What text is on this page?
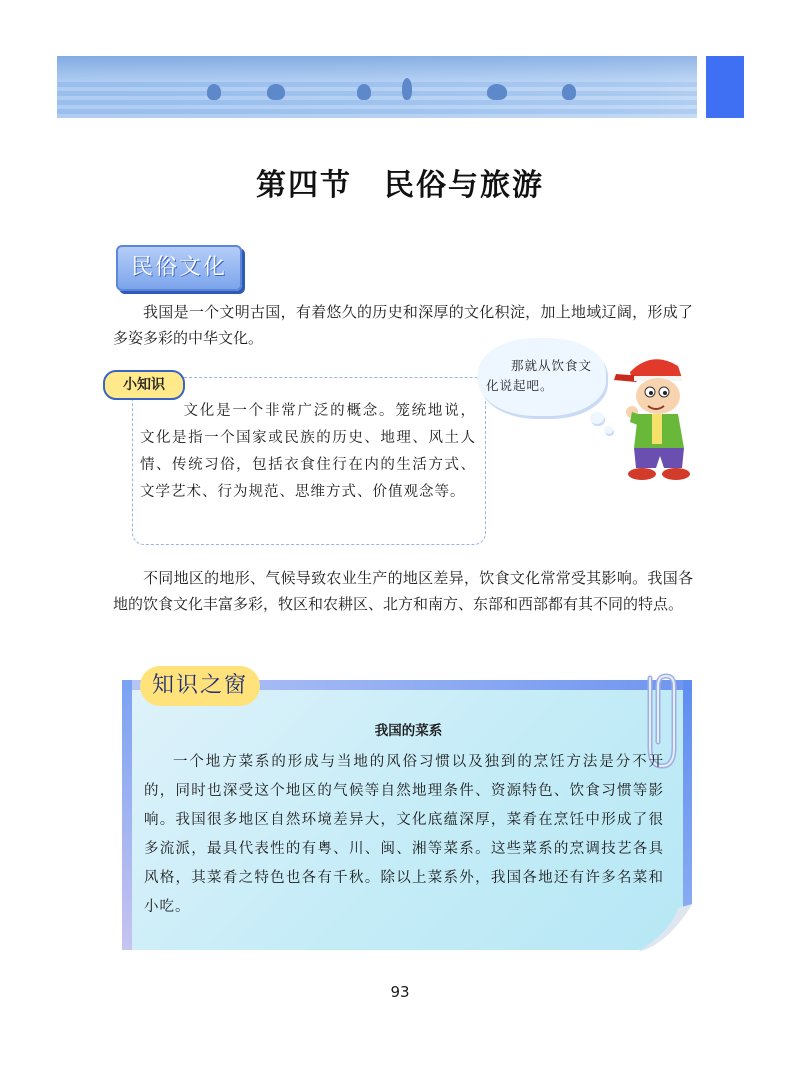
第四节　民俗与旅游
民俗文化
我国是一个文明古国，有着悠久的历史和深厚的文化积淀，加上地域辽阔，形成了多姿多彩的中华文化。
小知识
文化是一个非常广泛的概念。笼统地说，文化是指一个国家或民族的历史、地理、风土人情、传统习俗，包括衣食住行在内的生活方式、文学艺术、行为规范、思维方式、价值观念等。
那就从饮食文化说起吧。
不同地区的地形、气候导致农业生产的地区差异，饮食文化常常受其影响。我国各地的饮食文化丰富多彩，牧区和农耕区、北方和南方、东部和西部都有其不同的特点。
知识之窗
我国的菜系
一个地方菜系的形成与当地的风俗习惯以及独到的烹饪方法是分不开的，同时也深受这个地区的气候等自然地理条件、资源特色、饮食习惯等影响。我国很多地区自然环境差异大，文化底蕴深厚，菜肴在烹饪中形成了很多流派，最具代表性的有粤、川、闽、湘等菜系。这些菜系的烹调技艺各具风格，其菜肴之特色也各有千秋。除以上菜系外，我国各地还有许多名菜和小吃。
93
